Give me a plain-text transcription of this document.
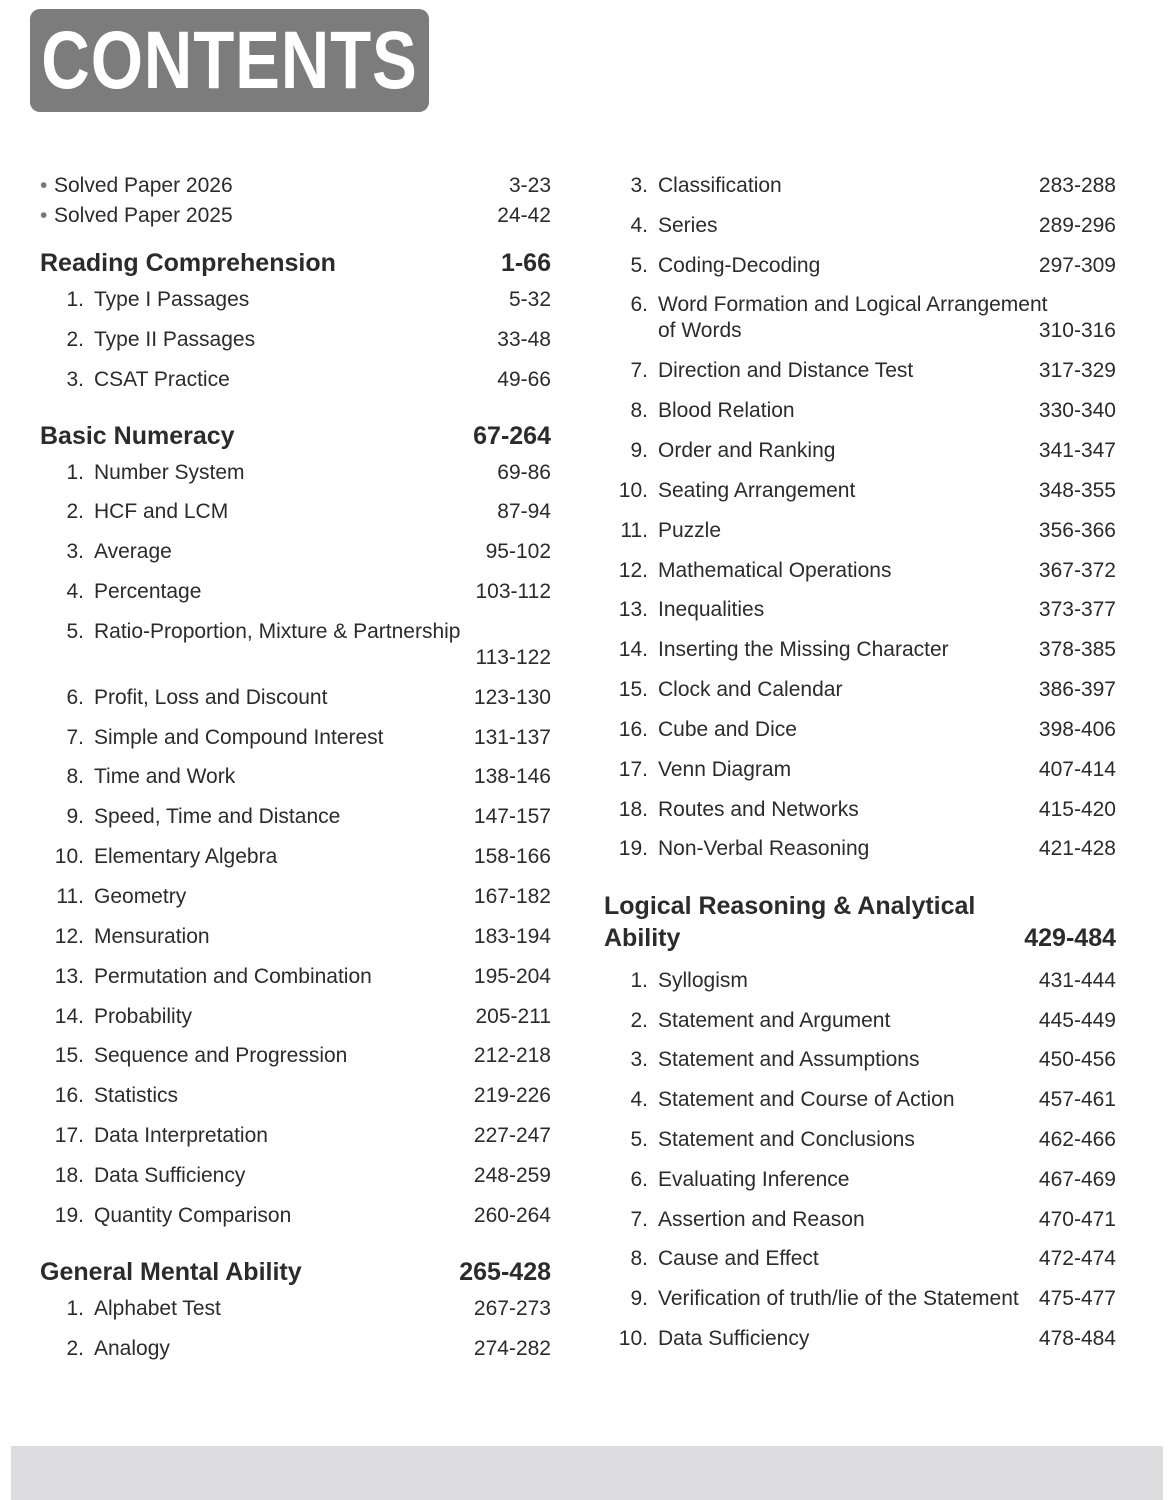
CONTENTS
• Solved Paper 2026	3-23
• Solved Paper 2025	24-42
Reading Comprehension	1-66
1. Type I Passages	5-32
2. Type II Passages	33-48
3. CSAT Practice	49-66
Basic Numeracy	67-264
1. Number System	69-86
2. HCF and LCM	87-94
3. Average	95-102
4. Percentage	103-112
5. Ratio-Proportion, Mixture & Partnership
113-122
6. Profit, Loss and Discount	123-130
7. Simple and Compound Interest	131-137
8. Time and Work	138-146
9. Speed, Time and Distance	147-157
10. Elementary Algebra	158-166
11. Geometry	167-182
12. Mensuration	183-194
13. Permutation and Combination	195-204
14. Probability	205-211
15. Sequence and Progression	212-218
16. Statistics	219-226
17. Data Interpretation	227-247
18. Data Sufficiency	248-259
19. Quantity Comparison	260-264
General Mental Ability	265-428
1. Alphabet Test	267-273
2. Analogy	274-282
3. Classification	283-288
4. Series	289-296
5. Coding-Decoding	297-309
6. Word Formation and Logical Arrangement of Words	310-316
7. Direction and Distance Test	317-329
8. Blood Relation	330-340
9. Order and Ranking	341-347
10. Seating Arrangement	348-355
11. Puzzle	356-366
12. Mathematical Operations	367-372
13. Inequalities	373-377
14. Inserting the Missing Character	378-385
15. Clock and Calendar	386-397
16. Cube and Dice	398-406
17. Venn Diagram	407-414
18. Routes and Networks	415-420
19. Non-Verbal Reasoning	421-428
Logical Reasoning & Analytical Ability	429-484
1. Syllogism	431-444
2. Statement and Argument	445-449
3. Statement and Assumptions	450-456
4. Statement and Course of Action	457-461
5. Statement and Conclusions	462-466
6. Evaluating Inference	467-469
7. Assertion and Reason	470-471
8. Cause and Effect	472-474
9. Verification of truth/lie of the Statement 475-477
10. Data Sufficiency	478-484
